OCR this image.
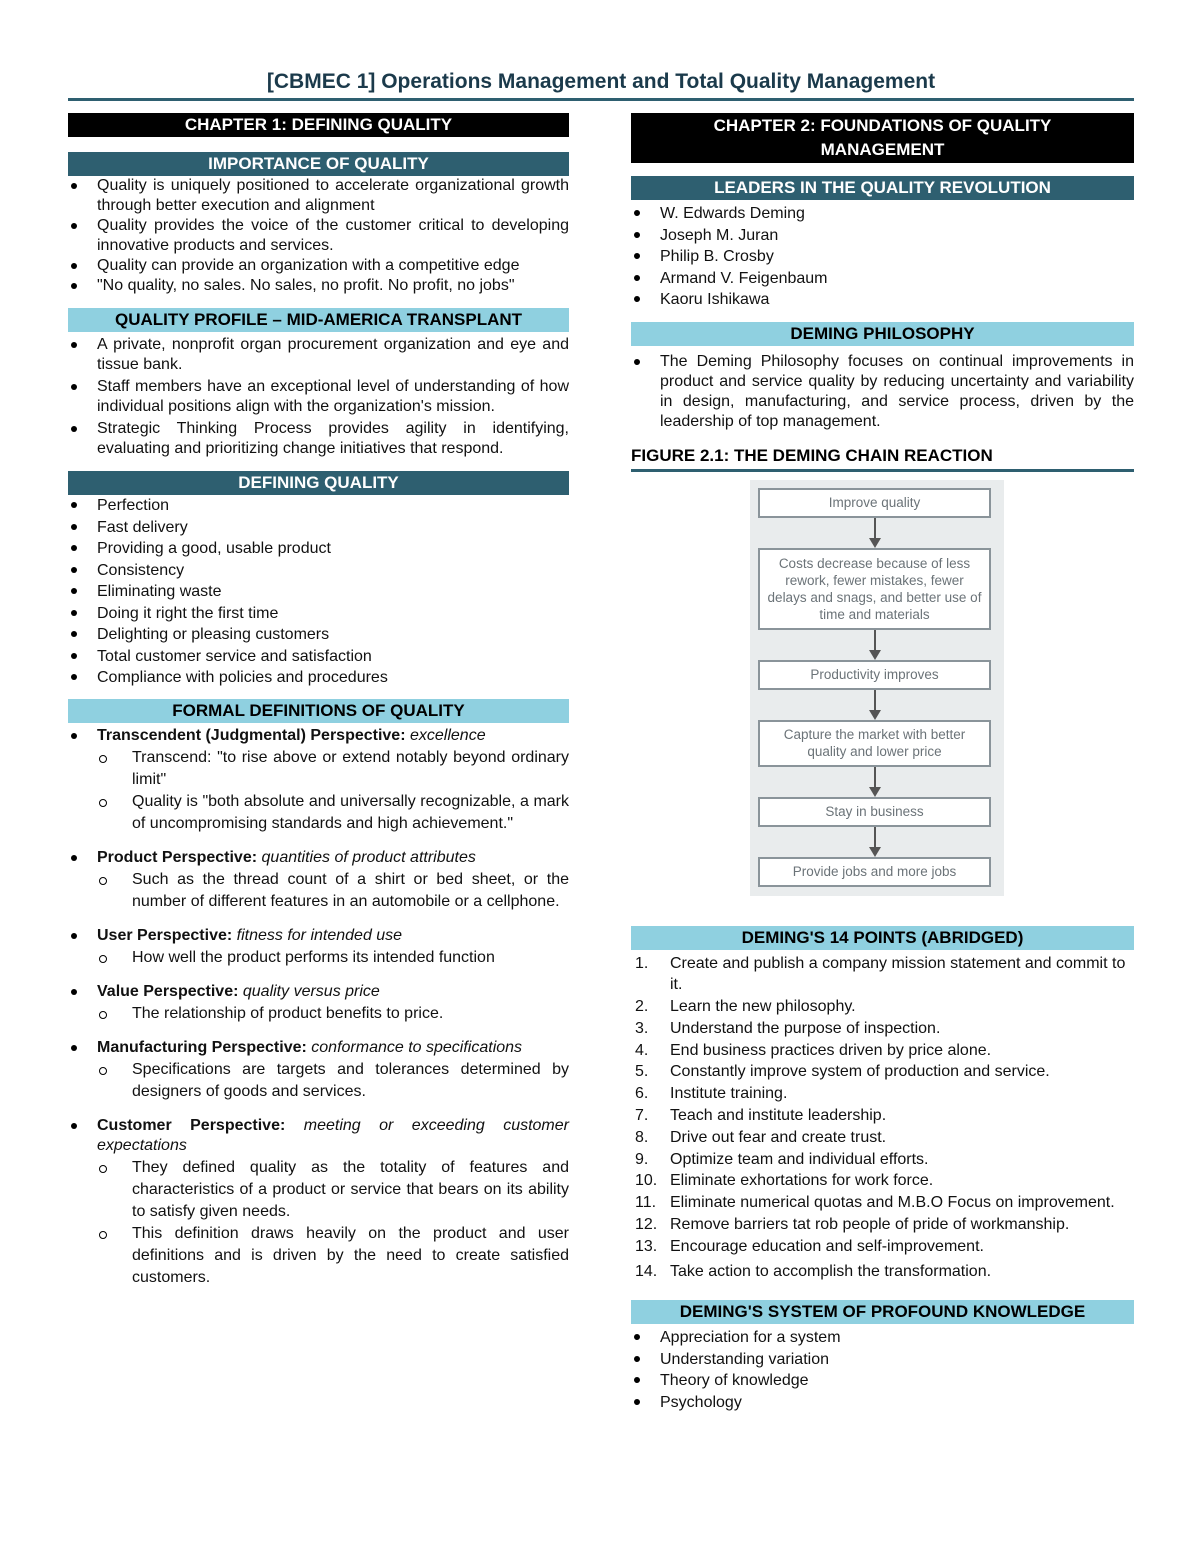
[CBMEC 1] Operations Management and Total Quality Management
CHAPTER 1: DEFINING QUALITY
IMPORTANCE OF QUALITY
Quality is uniquely positioned to accelerate organizational growth through better execution and alignment
Quality provides the voice of the customer critical to developing innovative products and services.
Quality can provide an organization with a competitive edge
"No quality, no sales. No sales, no profit. No profit, no jobs"
QUALITY PROFILE – MID-AMERICA TRANSPLANT
A private, nonprofit organ procurement organization and eye and tissue bank.
Staff members have an exceptional level of understanding of how individual positions align with the organization's mission.
Strategic Thinking Process provides agility in identifying, evaluating and prioritizing change initiatives that respond.
DEFINING QUALITY
Perfection
Fast delivery
Providing a good, usable product
Consistency
Eliminating waste
Doing it right the first time
Delighting or pleasing customers
Total customer service and satisfaction
Compliance with policies and procedures
FORMAL DEFINITIONS OF QUALITY
Transcendent (Judgmental) Perspective: excellence
Transcend: "to rise above or extend notably beyond ordinary limit"
Quality is "both absolute and universally recognizable, a mark of uncompromising standards and high achievement."
Product Perspective: quantities of product attributes
Such as the thread count of a shirt or bed sheet, or the number of different features in an automobile or a cellphone.
User Perspective: fitness for intended use
How well the product performs its intended function
Value Perspective: quality versus price
The relationship of product benefits to price.
Manufacturing Perspective: conformance to specifications
Specifications are targets and tolerances determined by designers of goods and services.
Customer Perspective: meeting or exceeding customer expectations
They defined quality as the totality of features and characteristics of a product or service that bears on its ability to satisfy given needs.
This definition draws heavily on the product and user definitions and is driven by the need to create satisfied customers.
CHAPTER 2: FOUNDATIONS OF QUALITY MANAGEMENT
LEADERS IN THE QUALITY REVOLUTION
W. Edwards Deming
Joseph M. Juran
Philip B. Crosby
Armand V. Feigenbaum
Kaoru Ishikawa
DEMING PHILOSOPHY
The Deming Philosophy focuses on continual improvements in product and service quality by reducing uncertainty and variability in design, manufacturing, and service process, driven by the leadership of top management.
FIGURE 2.1: THE DEMING CHAIN REACTION
Improve quality
Costs decrease because of less rework, fewer mistakes, fewer delays and snags, and better use of time and materials
Productivity improves
Capture the market with better quality and lower price
Stay in business
Provide jobs and more jobs
DEMING'S 14 POINTS (ABRIDGED)
1.	Create and publish a company mission statement and commit to it.
2.	Learn the new philosophy.
3.	Understand the purpose of inspection.
4.	End business practices driven by price alone.
5.	Constantly improve system of production and service.
6.	Institute training.
7.	Teach and institute leadership.
8.	Drive out fear and create trust.
9.	Optimize team and individual efforts.
10. Eliminate exhortations for work force.
11. Eliminate numerical quotas and M.B.O Focus on improvement.
12. Remove barriers tat rob people of pride of workmanship.
13. Encourage education and self-improvement.
14. Take action to accomplish the transformation.
DEMING'S SYSTEM OF PROFOUND KNOWLEDGE
Appreciation for a system
Understanding variation
Theory of knowledge
Psychology
